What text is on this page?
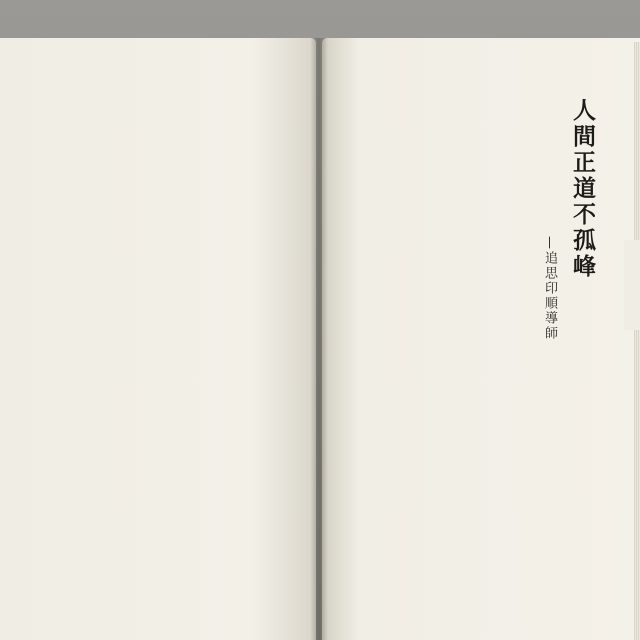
人間正道不孤峰
—追思印順導師
